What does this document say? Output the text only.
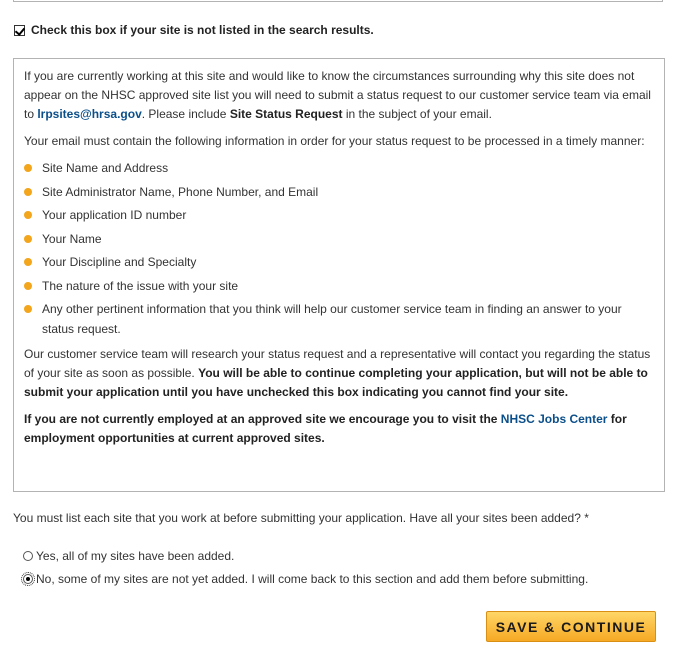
Check this box if your site is not listed in the search results.

If you are currently working at this site and would like to know the circumstances surrounding why this site does not appear on the NHSC approved site list you will need to submit a status request to our customer service team via email to lrpsites@hrsa.gov. Please include Site Status Request in the subject of your email.

Your email must contain the following information in order for your status request to be processed in a timely manner:

Site Name and Address
Site Administrator Name, Phone Number, and Email
Your application ID number
Your Name
Your Discipline and Specialty
The nature of the issue with your site
Any other pertinent information that you think will help our customer service team in finding an answer to your status request.

Our customer service team will research your status request and a representative will contact you regarding the status of your site as soon as possible. You will be able to continue completing your application, but will not be able to submit your application until you have unchecked this box indicating you cannot find your site.

If you are not currently employed at an approved site we encourage you to visit the NHSC Jobs Center for employment opportunities at current approved sites.

You must list each site that you work at before submitting your application. Have all your sites been added? *
Yes, all of my sites have been added.
No, some of my sites are not yet added. I will come back to this section and add them before submitting.
SAVE & CONTINUE
